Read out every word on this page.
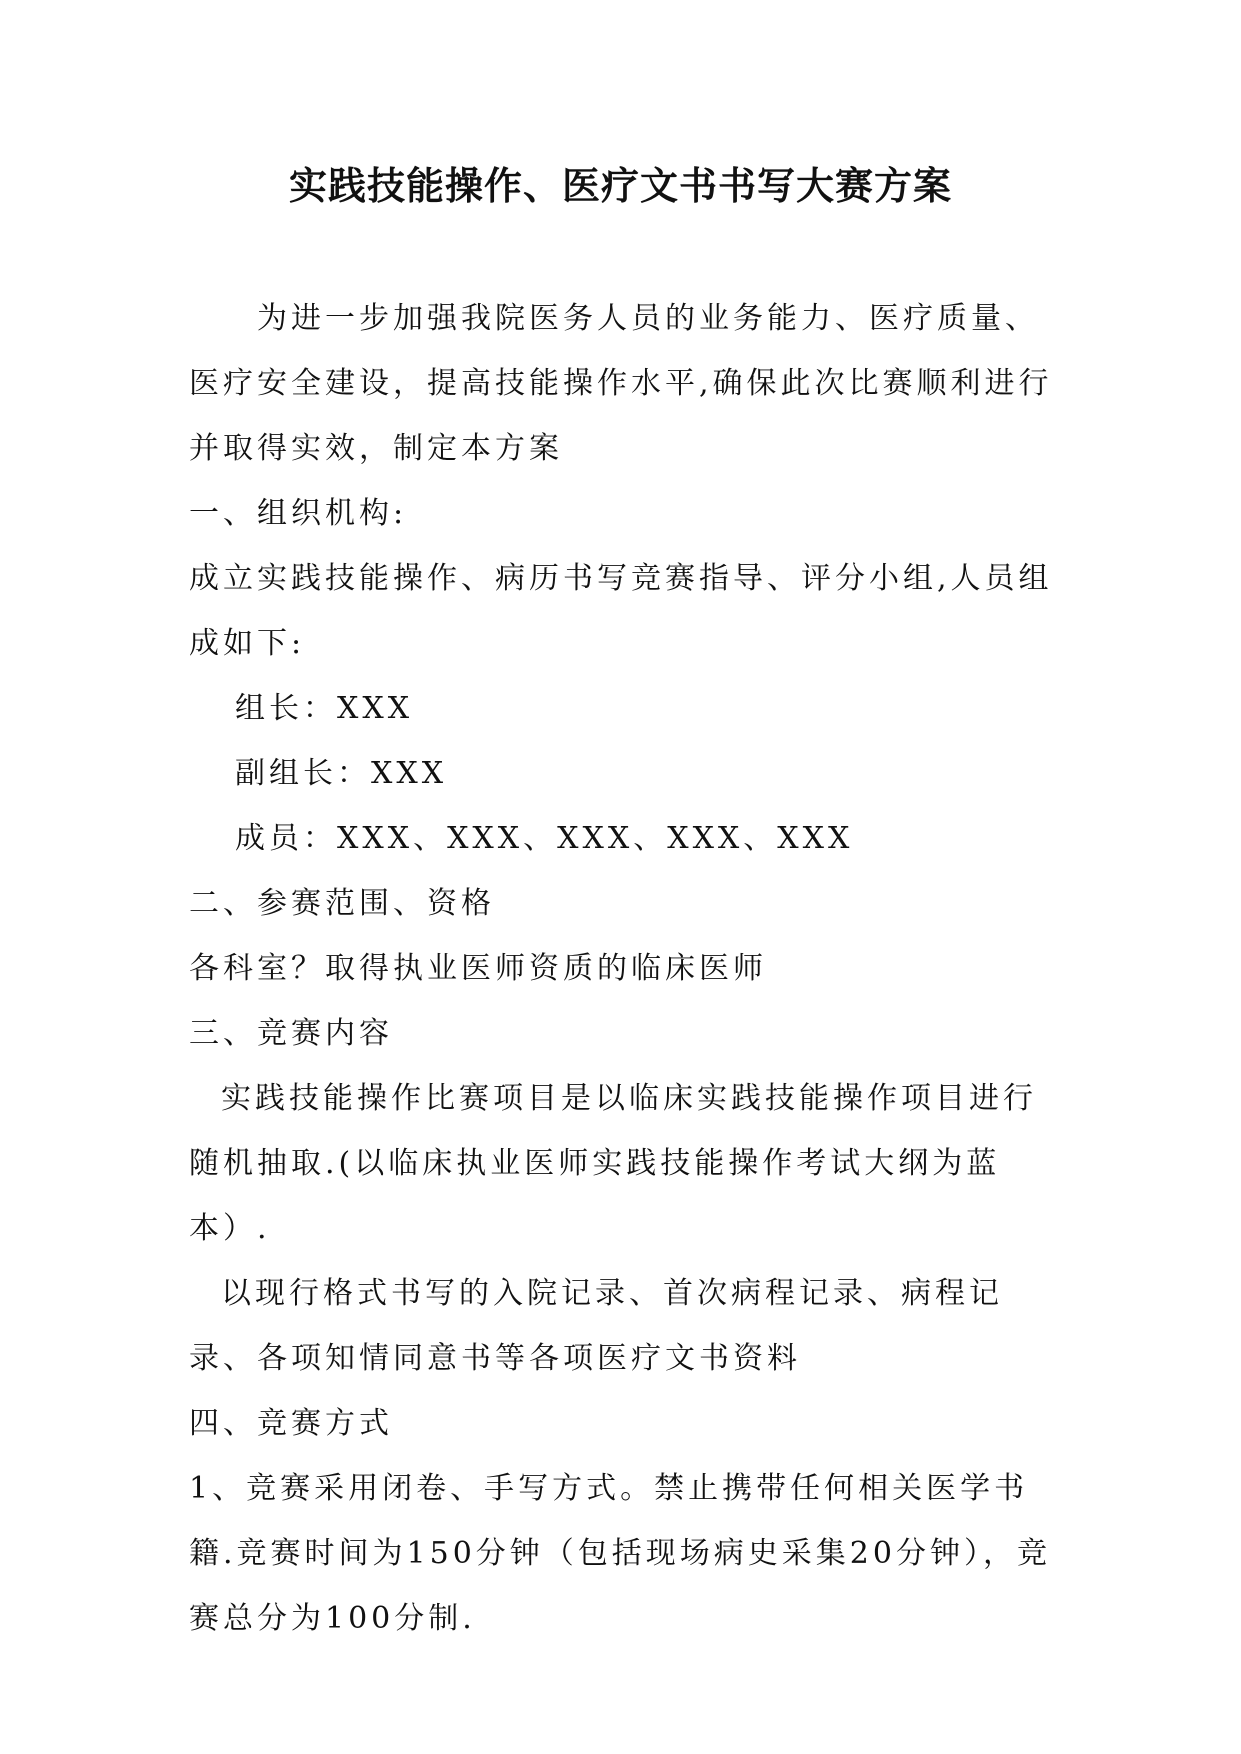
实践技能操作、医疗文书书写大赛方案

为进一步加强我院医务人员的业务能力、医疗质量、医疗安全建设，提高技能操作水平,确保此次比赛顺利进行并取得实效，制定本方案

一、组织机构:

成立实践技能操作、病历书写竞赛指导、评分小组,人员组成如下:

组长：XXX

副组长：XXX

成员：XXX、XXX、XXX、XXX、XXX

二、参赛范围、资格

各科室？取得执业医师资质的临床医师

三、竞赛内容

实践技能操作比赛项目是以临床实践技能操作项目进行随机抽取.(以临床执业医师实践技能操作考试大纲为蓝本）.

以现行格式书写的入院记录、首次病程记录、病程记录、各项知情同意书等各项医疗文书资料

四、竞赛方式

1、竞赛采用闭卷、手写方式。禁止携带任何相关医学书籍.竞赛时间为150分钟（包括现场病史采集20分钟），竞赛总分为100分制.
